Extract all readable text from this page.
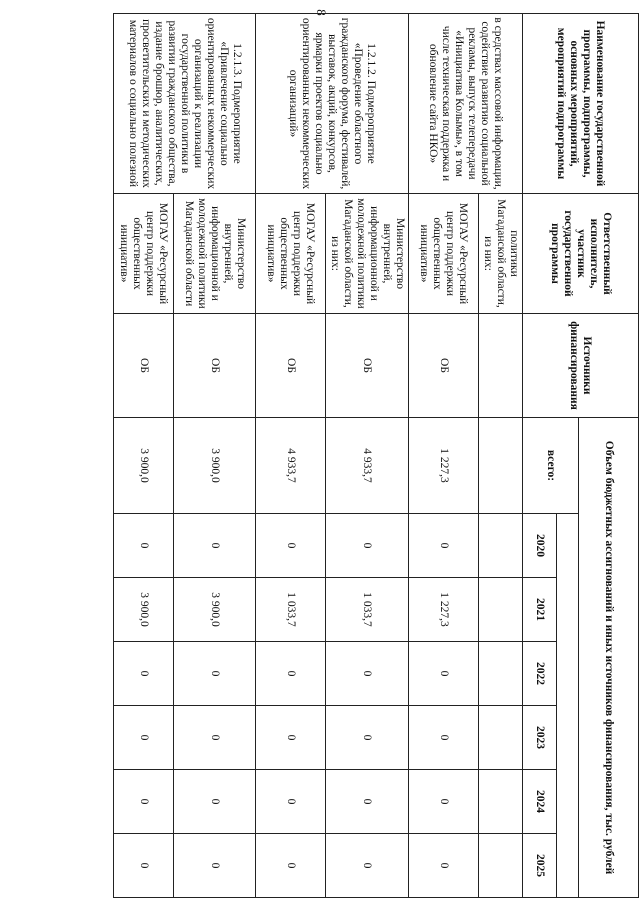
8
Наименование государственной программы, подпрограммы, основных мероприятий, мероприятий подпрограммы	Ответственный исполнитель, участник государственной программы	Источники финансирования	Объем бюджетных ассигнований и иных источников финансирования, тыс. рублей						
			всего:						
				2020	2021	2022	2023	2024	2025
в средствах массовой информации, содействие развитию социальной рекламы, выпуск телепередачи «Инициатива Колымы», в том числе техническая поддержка и обновление сайта НКО»	политики Магаданской области, из них:								
	МОГАУ «Ресурсный центр поддержки общественных инициатив»	ОБ	1 227,3	0	1 227,3	0	0	0	0
1.2.1.2. Подмероприятие «Проведение областного гражданского форума, фестивалей, выставок, акций, конкурсов, ярмарки проектов социально ориентированных некоммерческих организаций»	Министерство внутренней, информационной и молодежной политики Магаданской области, из них:	ОБ	4 933,7	0	1 033,7	0	0	0	0
	МОГАУ «Ресурсный центр поддержки общественных инициатив»	ОБ	4 933,7	0	1 033,7	0	0	0	0
1.2.1.3. Подмероприятие «Привлечение социально ориентированных некоммерческих организаций к реализации государственной политики в развитии гражданского общества, издание брошюр, аналитических, просветительских и методических материалов о социально полезной	Министерство внутренней, информационной и молодежной политики Магаданской области	ОБ	3 900,0	0	3 900,0	0	0	0	0
	МОГАУ «Ресурсный центр поддержки общественных инициатив»	ОБ	3 900,0	0	3 900,0	0	0	0	0
